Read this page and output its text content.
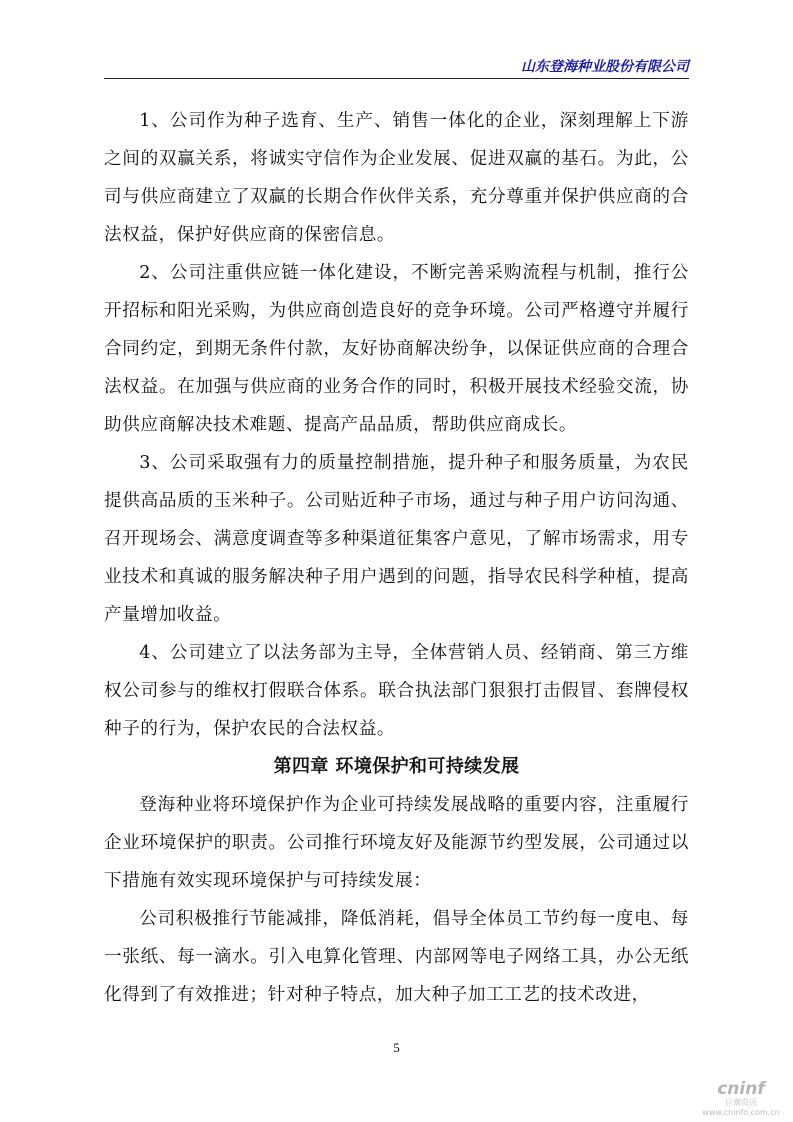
山东登海种业股份有限公司

1、公司作为种子选育、生产、销售一体化的企业，深刻理解上下游之间的双赢关系，将诚实守信作为企业发展、促进双赢的基石。为此，公司与供应商建立了双赢的长期合作伙伴关系，充分尊重并保护供应商的合法权益，保护好供应商的保密信息。

2、公司注重供应链一体化建设，不断完善采购流程与机制，推行公开招标和阳光采购，为供应商创造良好的竞争环境。公司严格遵守并履行合同约定，到期无条件付款，友好协商解决纷争，以保证供应商的合理合法权益。在加强与供应商的业务合作的同时，积极开展技术经验交流，协助供应商解决技术难题、提高产品品质，帮助供应商成长。

3、公司采取强有力的质量控制措施，提升种子和服务质量，为农民提供高品质的玉米种子。公司贴近种子市场，通过与种子用户访问沟通、召开现场会、满意度调查等多种渠道征集客户意见，了解市场需求，用专业技术和真诚的服务解决种子用户遇到的问题，指导农民科学种植，提高产量增加收益。

4、公司建立了以法务部为主导，全体营销人员、经销商、第三方维权公司参与的维权打假联合体系。联合执法部门狠狠打击假冒、套牌侵权种子的行为，保护农民的合法权益。

第四章 环境保护和可持续发展

登海种业将环境保护作为企业可持续发展战略的重要内容，注重履行企业环境保护的职责。公司推行环境友好及能源节约型发展，公司通过以下措施有效实现环境保护与可持续发展：

公司积极推行节能减排，降低消耗，倡导全体员工节约每一度电、每一张纸、每一滴水。引入电算化管理、内部网等电子网络工具，办公无纸化得到了有效推进；针对种子特点，加大种子加工工艺的技术改进，

5
cninf
巨潮资讯
www.cninfo.com.cn
